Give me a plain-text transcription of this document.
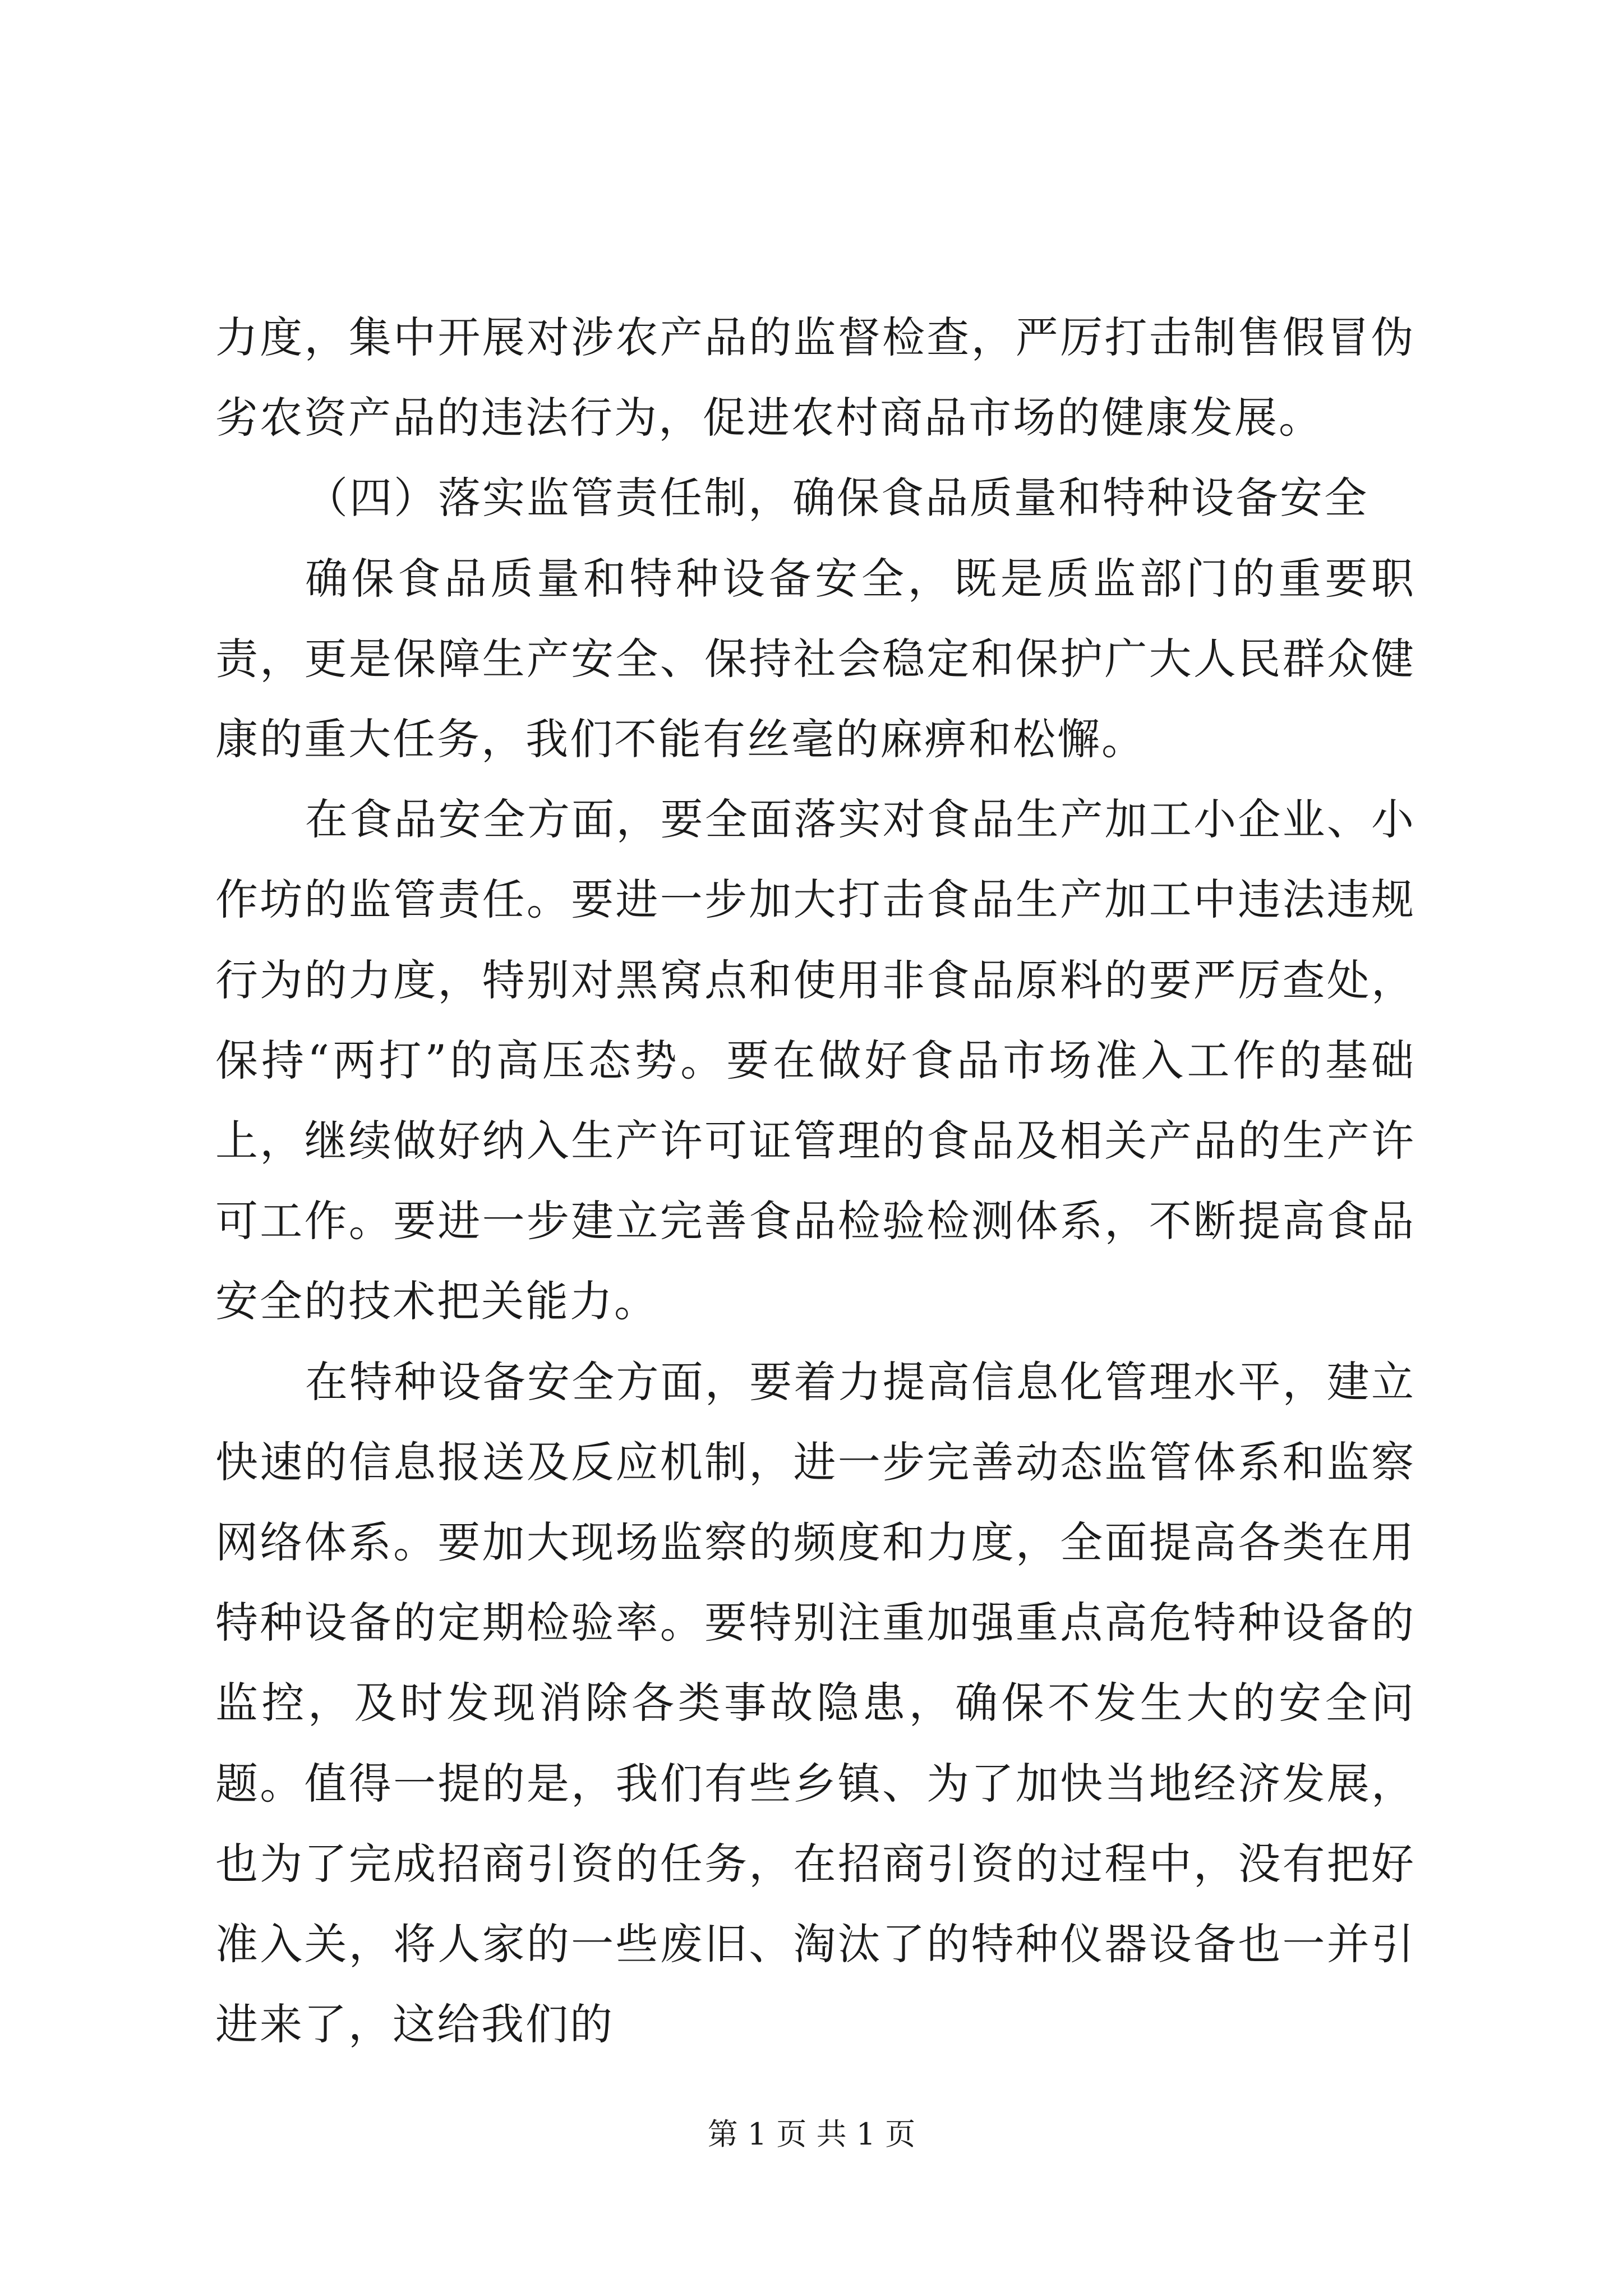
力度，集中开展对涉农产品的监督检查，严厉打击制售假冒伪劣农资产品的违法行为，促进农村商品市场的健康发展。

（四）落实监管责任制，确保食品质量和特种设备安全

确保食品质量和特种设备安全，既是质监部门的重要职责，更是保障生产安全、保持社会稳定和保护广大人民群众健康的重大任务，我们不能有丝毫的麻痹和松懈。

在食品安全方面，要全面落实对食品生产加工小企业、小作坊的监管责任。要进一步加大打击食品生产加工中违法违规行为的力度，特别对黑窝点和使用非食品原料的要严厉查处，保持“两打”的高压态势。要在做好食品市场准入工作的基础上，继续做好纳入生产许可证管理的食品及相关产品的生产许可工作。要进一步建立完善食品检验检测体系，不断提高食品安全的技术把关能力。

在特种设备安全方面，要着力提高信息化管理水平，建立快速的信息报送及反应机制，进一步完善动态监管体系和监察网络体系。要加大现场监察的频度和力度，全面提高各类在用特种设备的定期检验率。要特别注重加强重点高危特种设备的监控，及时发现消除各类事故隐患，确保不发生大的安全问题。值得一提的是，我们有些乡镇、为了加快当地经济发展，也为了完成招商引资的任务，在招商引资的过程中，没有把好准入关，将人家的一些废旧、淘汰了的特种仪器设备也一并引进来了，这给我们的

第 1 页 共 1 页
